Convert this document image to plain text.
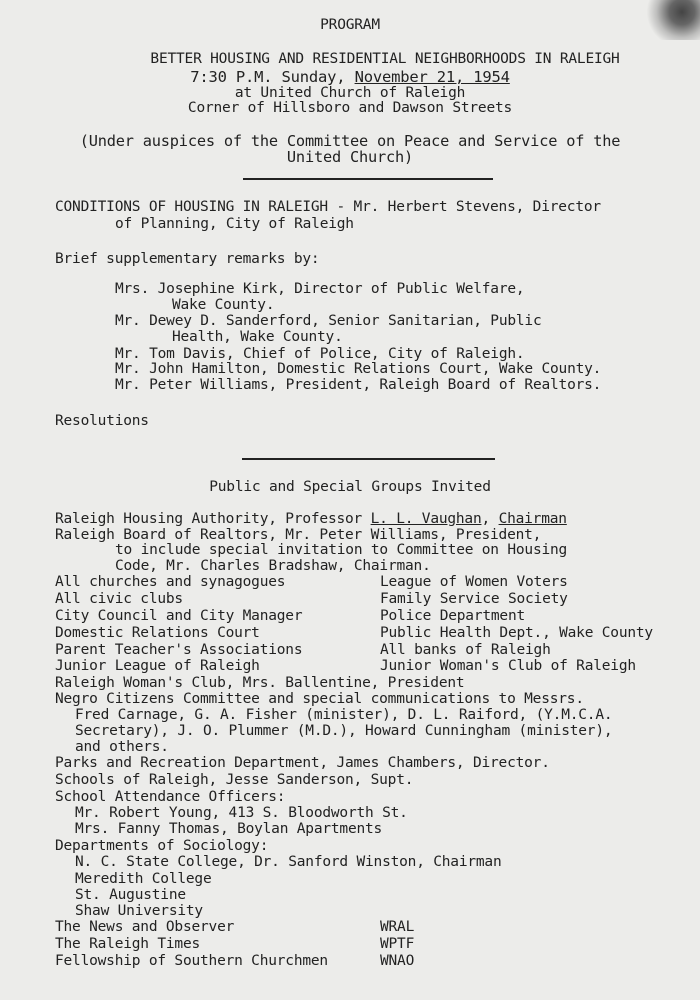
PROGRAM
BETTER HOUSING AND RESIDENTIAL NEIGHBORHOODS IN RALEIGH
7:30 P.M. Sunday, November 21, 1954
at United Church of Raleigh
Corner of Hillsboro and Dawson Streets
(Under auspices of the Committee on Peace and Service of the
United Church)
CONDITIONS OF HOUSING IN RALEIGH - Mr. Herbert Stevens, Director
of Planning, City of Raleigh
Brief supplementary remarks by:
Mrs. Josephine Kirk, Director of Public Welfare,
Wake County.
Mr. Dewey D. Sanderford, Senior Sanitarian, Public
Health, Wake County.
Mr. Tom Davis, Chief of Police, City of Raleigh.
Mr. John Hamilton, Domestic Relations Court, Wake County.
Mr. Peter Williams, President, Raleigh Board of Realtors.
Resolutions
Public and Special Groups Invited
Raleigh Housing Authority, Professor L. L. Vaughan, Chairman
Raleigh Board of Realtors, Mr. Peter Williams, President,
to include special invitation to Committee on Housing
Code, Mr. Charles Bradshaw, Chairman.
All churches and synagogues	League of Women Voters
All civic clubs	Family Service Society
City Council and City Manager	Police Department
Domestic Relations Court	Public Health Dept., Wake County
Parent Teacher's Associations	All banks of Raleigh
Junior League of Raleigh	Junior Woman's Club of Raleigh
Raleigh Woman's Club, Mrs. Ballentine, President
Negro Citizens Committee and special communications to Messrs.
Fred Carnage, G. A. Fisher (minister), D. L. Raiford, (Y.M.C.A.
Secretary), J. O. Plummer (M.D.), Howard Cunningham (minister),
and others.
Parks and Recreation Department, James Chambers, Director.
Schools of Raleigh, Jesse Sanderson, Supt.
School Attendance Officers:
Mr. Robert Young, 413 S. Bloodworth St.
Mrs. Fanny Thomas, Boylan Apartments
Departments of Sociology:
N. C. State College, Dr. Sanford Winston, Chairman
Meredith College
St. Augustine
Shaw University
The News and Observer	WRAL
The Raleigh Times	WPTF
Fellowship of Southern Churchmen	WNAO
